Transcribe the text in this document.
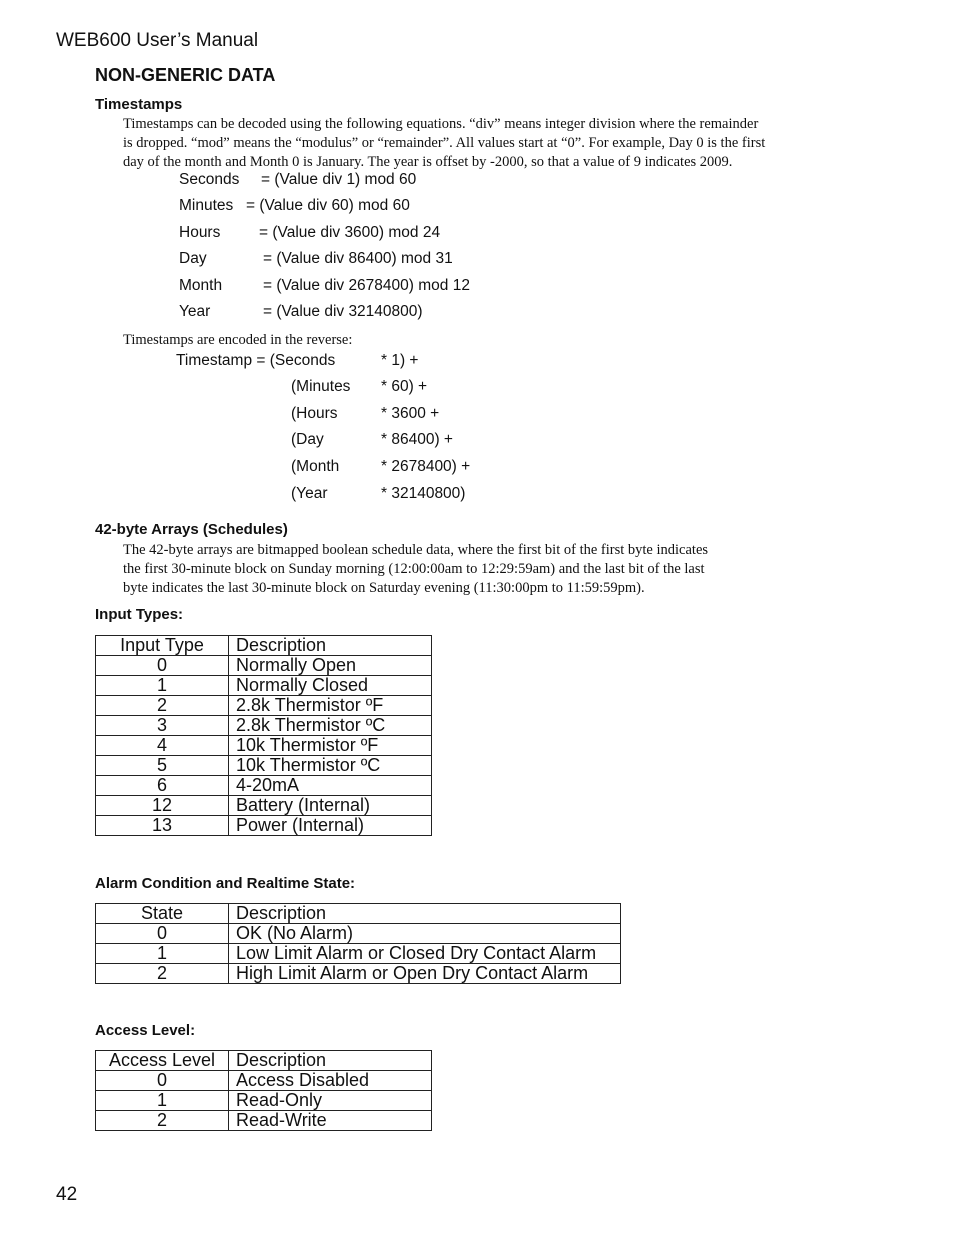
WEB600 User’s Manual
NON-GENERIC DATA
Timestamps
Timestamps can be decoded using the following equations. “div” means integer division where the remainder
is dropped. “mod” means the “modulus” or “remainder”. All values start at “0”. For example, Day 0 is the first
day of the month and Month 0 is January. The year is offset by -2000, so that a value of 9 indicates 2009.
Seconds = (Value div 1) mod 60
Minutes = (Value div 60) mod 60
Hours = (Value div 3600) mod 24
Day	= (Value div 86400) mod 31
Month	= (Value div 2678400) mod 12
Year	= (Value div 32140800)
Timestamps are encoded in the reverse:
Timestamp = (Seconds	* 1) +
(Minutes * 60) +
(Hours	* 3600 +
(Day	* 86400) +
(Month	* 2678400) +
(Year	* 32140800)
42-byte Arrays (Schedules)
The 42-byte arrays are bitmapped boolean schedule data, where the first bit of the first byte indicates
the first 30-minute block on Sunday morning (12:00:00am to 12:29:59am) and the last bit of the last
byte indicates the last 30-minute block on Saturday evening (11:30:00pm to 11:59:59pm).
Input Types:
Input Type	Description
0	Normally Open
1	Normally Closed
2	2.8k Thermistor ºF
3	2.8k Thermistor ºC
4	10k Thermistor ºF
5	10k Thermistor ºC
6	4-20mA
12	Battery (Internal)
13	Power (Internal)
Alarm Condition and Realtime State:
State	Description
0	OK (No Alarm)
1	Low Limit Alarm or Closed Dry Contact Alarm
2	High Limit Alarm or Open Dry Contact Alarm
Access Level:
Access Level	Description
0	Access Disabled
1	Read-Only
2	Read-Write
42
